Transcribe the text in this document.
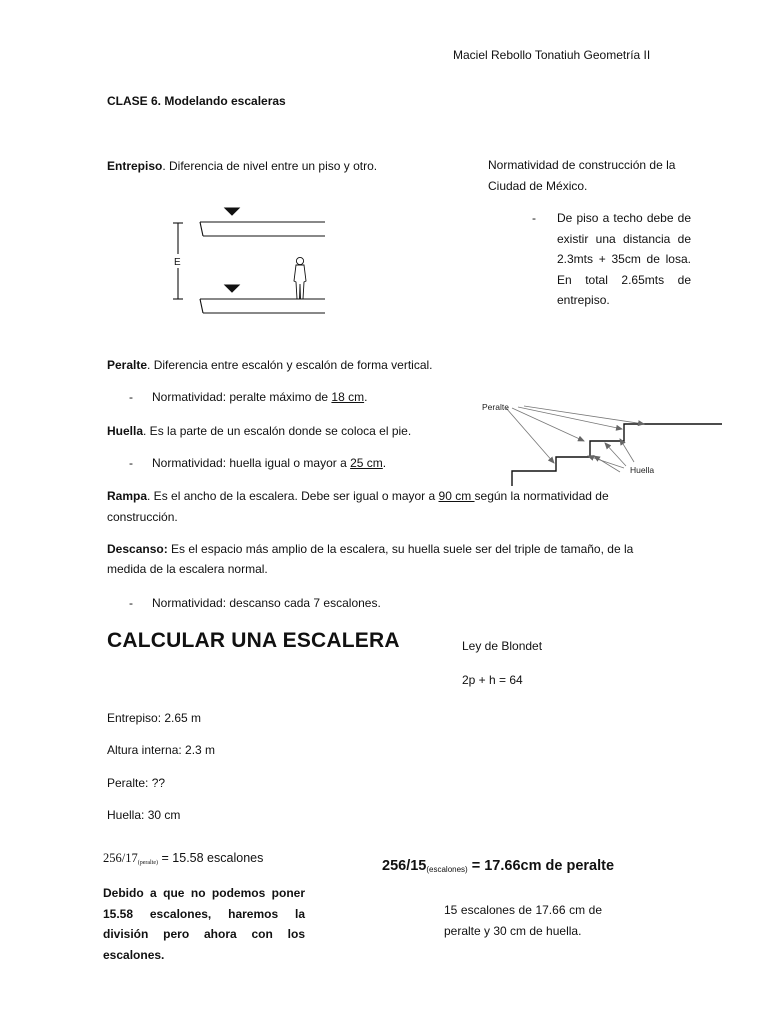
Maciel Rebollo Tonatiuh Geometría II
CLASE 6. Modelando escaleras
Entrepiso. Diferencia de nivel entre un piso y otro.
E
Normatividad de construcción de la
Ciudad de México.
- De piso a techo debe de existir una distancia de 2.3mts + 35cm de losa. En total 2.65mts de entrepiso.
Peralte. Diferencia entre escalón y escalón de forma vertical.
- Normatividad: peralte máximo de 18 cm.
Huella. Es la parte de un escalón donde se coloca el pie.
- Normatividad: huella igual o mayor a 25 cm.
Peralte
Huella
Rampa. Es el ancho de la escalera. Debe ser igual o mayor a 90 cm según la normatividad de
construcción.
Descanso: Es el espacio más amplio de la escalera, su huella suele ser del triple de tamaño, de la
medida de la escalera normal.
- Normatividad: descanso cada 7 escalones.
CALCULAR UNA ESCALERA	Ley de Blondet
2p + h = 64
Entrepiso: 2.65 m
Altura interna: 2.3 m
Peralte: ??
Huella: 30 cm
256/17(peralte) = 15.58 escalones	$256/15_{(escalones)} = 17.66cm$ de peralte
Debido a que no podemos poner 15.58 escalones, haremos la división pero ahora con los escalones.
15 escalones de 17.66 cm de peralte y 30 cm de huella.
